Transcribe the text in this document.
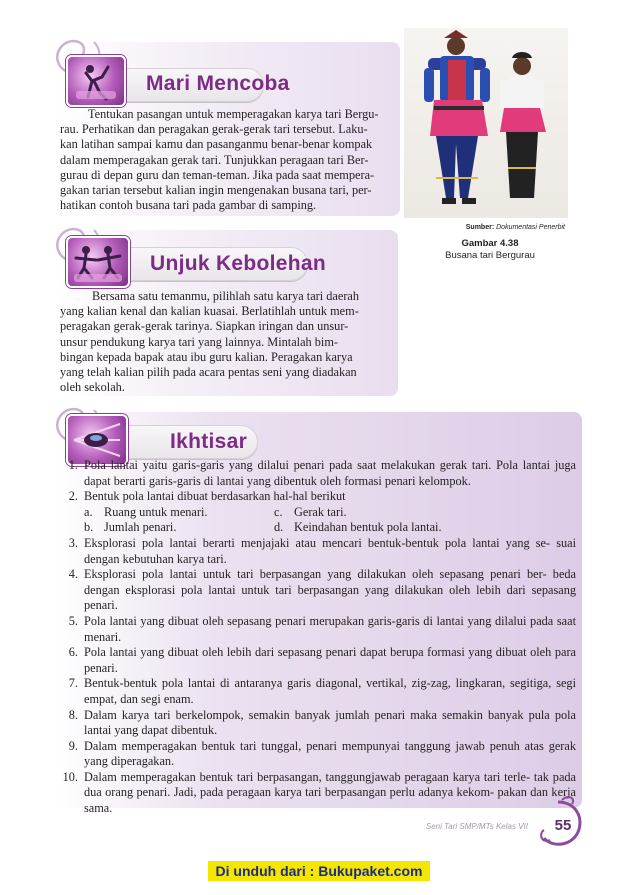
Mari Mencoba
Tentukan pasangan untuk memperagakan karya tari Bergu-
rau. Perhatikan dan peragakan gerak-gerak tari tersebut. Laku-
kan latihan sampai kamu dan pasanganmu benar-benar kompak
dalam memperagakan gerak tari. Tunjukkan peragaan tari Ber-
gurau di depan guru dan teman-teman. Jika pada saat mempera-
gakan tarian tersebut kalian ingin mengenakan busana tari, per-
hatikan contoh busana tari pada gambar di samping.
Sumber: Dokumentasi Penerbit
Gambar 4.38
Busana tari Bergurau
Unjuk Kebolehan
Bersama satu temanmu, pilihlah satu karya tari daerah
yang kalian kenal dan kalian kuasai. Berlatihlah untuk mem-
peragakan gerak-gerak tarinya. Siapkan iringan dan unsur-
unsur pendukung karya tari yang lainnya. Mintalah bim-
bingan kepada bapak atau ibu guru kalian. Peragakan karya
yang telah kalian pilih pada acara pentas seni yang diadakan
oleh sekolah.
Ikhtisar
1. Pola lantai yaitu garis-garis yang dilalui penari pada saat melakukan gerak tari. Pola lantai juga dapat berarti garis-garis di lantai yang dibentuk oleh formasi penari kelompok.
2. Bentuk pola lantai dibuat berdasarkan hal-hal berikut
a. Ruang untuk menari.	c. Gerak tari.
b. Jumlah penari.	d. Keindahan bentuk pola lantai.
3. Eksplorasi pola lantai berarti menjajaki atau mencari bentuk-bentuk pola lantai yang se- suai dengan kebutuhan karya tari.
4. Eksplorasi pola lantai untuk tari berpasangan yang dilakukan oleh sepasang penari ber- beda dengan eksplorasi pola lantai untuk tari berpasangan yang dilakukan oleh lebih dari sepasang penari.
5. Pola lantai yang dibuat oleh sepasang penari merupakan garis-garis di lantai yang dilalui pada saat menari.
6. Pola lantai yang dibuat oleh lebih dari sepasang penari dapat berupa formasi yang dibuat oleh para penari.
7. Bentuk-bentuk pola lantai di antaranya garis diagonal, vertikal, zig-zag, lingkaran, segitiga, segi empat, dan segi enam.
8. Dalam karya tari berkelompok, semakin banyak jumlah penari maka semakin banyak pula pola lantai yang dapat dibentuk.
9. Dalam memperagakan bentuk tari tunggal, penari mempunyai tanggung jawab penuh atas gerak yang diperagakan.
10. Dalam memperagakan bentuk tari berpasangan, tanggungjawab peragaan karya tari terle- tak pada dua orang penari. Jadi, pada peragaan karya tari berpasangan perlu adanya kekom- pakan dan kerja sama.
Seni Tari SMP/MTs Kelas VII	55
Di unduh dari : Bukupaket.com
